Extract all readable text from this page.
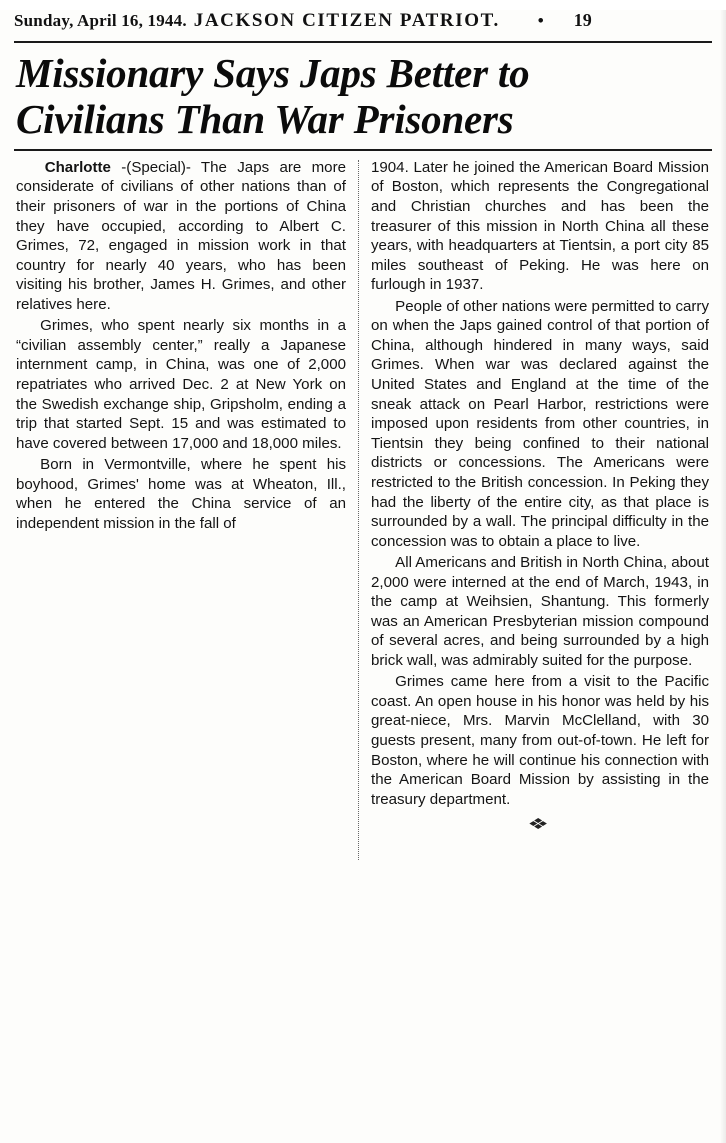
Sunday, April 16, 1944. JACKSON CITIZEN PATRIOT. • 19
Missionary Says Japs Better to
Civilians Than War Prisoners

Charlotte -(Special)- The Japs are more considerate of civilians of other nations than of their prisoners of war in the portions of China they have occupied, according to Albert C. Grimes, 72, engaged in mission work in that country for nearly 40 years, who has been visiting his brother, James H. Grimes, and other relatives here.

Grimes, who spent nearly six months in a “civilian assembly center,” really a Japanese internment camp, in China, was one of 2,000 repatriates who arrived Dec. 2 at New York on the Swedish exchange ship, Gripsholm, ending a trip that started Sept. 15 and was estimated to have covered between 17,000 and 18,000 miles.

Born in Vermontville, where he spent his boyhood, Grimes' home was at Wheaton, Ill., when he entered the China service of an independent mission in the fall of

1904. Later he joined the American Board Mission of Boston, which represents the Congregational and Christian churches and has been the treasurer of this mission in North China all these years, with headquarters at Tientsin, a port city 85 miles southeast of Peking. He was here on furlough in 1937.

People of other nations were permitted to carry on when the Japs gained control of that portion of China, although hindered in many ways, said Grimes. When war was declared against the United States and England at the time of the sneak attack on Pearl Harbor, restrictions were imposed upon residents from other countries, in Tientsin they being confined to their national districts or concessions. The Americans were restricted to the British concession. In Peking they had the liberty of the entire city, as that place is surrounded by a wall. The principal difficulty in the concession was to obtain a place to live.

All Americans and British in North China, about 2,000 were interned at the end of March, 1943, in the camp at Weihsien, Shantung. This formerly was an American Presbyterian mission compound of several acres, and being surrounded by a high brick wall, was admirably suited for the purpose.

Grimes came here from a visit to the Pacific coast. An open house in his honor was held by his great-niece, Mrs. Marvin McClelland, with 30 guests present, many from out-of-town. He left for Boston, where he will continue his connection with the American Board Mission by assisting in the treasury department.

❖
